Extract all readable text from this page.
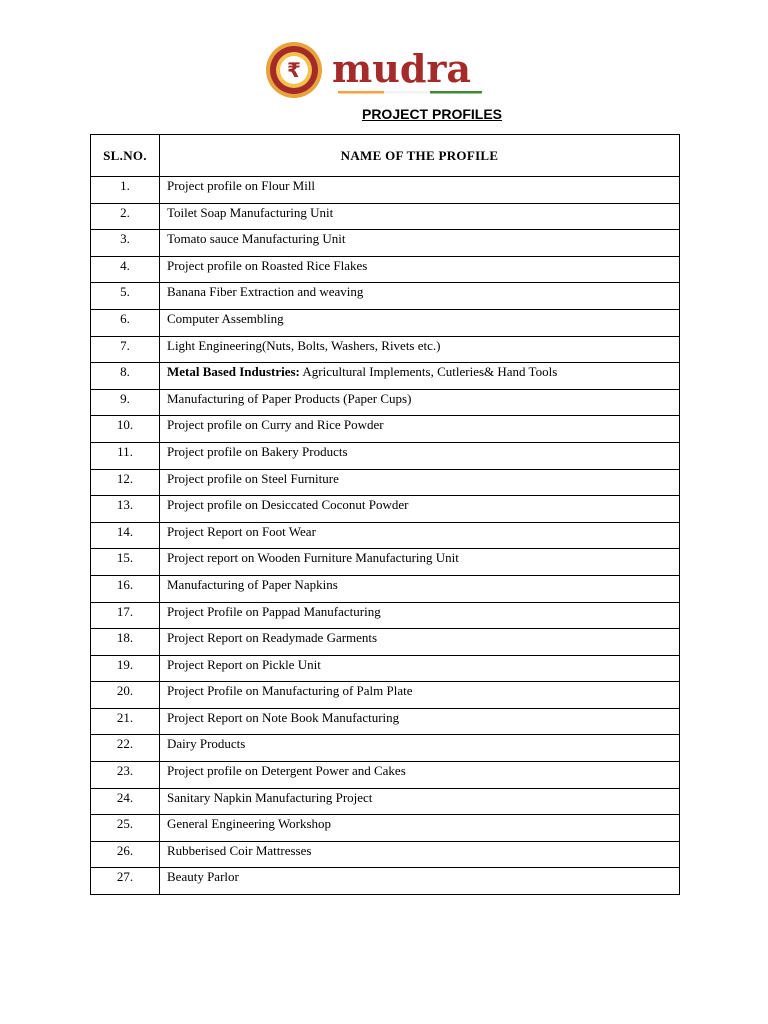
₹ mudra
PROJECT PROFILES
SL.NO.	NAME OF THE PROFILE
1.	Project profile on Flour Mill
2.	Toilet Soap Manufacturing Unit
3.	Tomato sauce Manufacturing Unit
4.	Project profile on Roasted Rice Flakes
5.	Banana Fiber Extraction and weaving
6.	Computer Assembling
7.	Light Engineering(Nuts, Bolts, Washers, Rivets etc.)
8.	Metal Based Industries: Agricultural Implements, Cutleries& Hand Tools
9.	Manufacturing of Paper Products (Paper Cups)
10.	Project profile on Curry and Rice Powder
11.	Project profile on Bakery Products
12.	Project profile on Steel Furniture
13.	Project profile on Desiccated Coconut Powder
14.	Project Report on Foot Wear
15.	Project report on Wooden Furniture Manufacturing Unit
16.	Manufacturing of Paper Napkins
17.	Project Profile on Pappad Manufacturing
18.	Project Report on Readymade Garments
19.	Project Report on Pickle Unit
20.	Project Profile on Manufacturing of Palm Plate
21.	Project Report on Note Book Manufacturing
22.	Dairy Products
23.	Project profile on Detergent Power and Cakes
24.	Sanitary Napkin Manufacturing Project
25.	General Engineering Workshop
26.	Rubberised Coir Mattresses
27.	Beauty Parlor
